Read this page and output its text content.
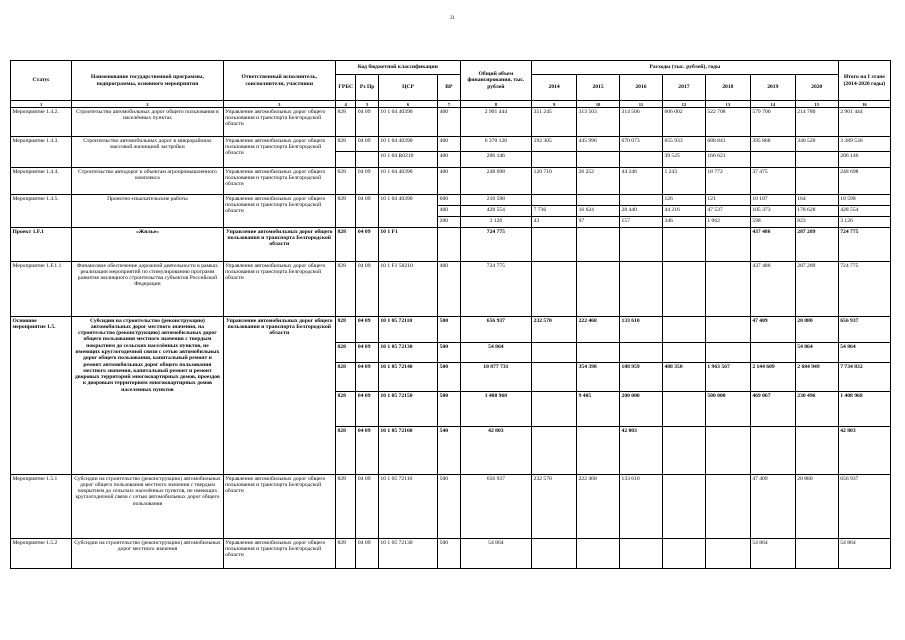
31
Статус	Наименование государственной программы, подпрограммы, основного мероприятия	Ответственный исполнитель, соисполнители, участники	Код бюджетной классификации				Общий объем финансирования, тыс. рублей	Расходы (тыс. рублей), годы							Итого на I этапе (2014-2020 годы)
			ГРБС	Рз Пр	ЦСР	ВР		2014	2015	2016	2017	2018	2019	2020	
1	2	3	4	5	6	7	8	9	10	11	12	13	14	15	16
Мероприятие 1.4.2.	Строительство автомобильных дорог общего пользования в населённых пунктах	Управление автомобильных дорог общего пользования и транспорта Белгородской области	828	04 09	10 1 04 40390	400	2 901 444	351 245	313 503	314 506	606 002	522 708	579 700	214 780	2 901 444
Мероприятие 1.4.3.	Строительство автомобильных дорог в микрорайонах массовой жилищной застройки	Управление автомобильных дорог общего пользования и транспорта Белгородской области	828	04 09	10 1 04 40390	400	6 370 120	192 305	445 996	670 073	655 933	688 841	395 868	340 520	3 389 536
					10 1 04 R0210	400	206 146				39 525	166 621			206 146
Мероприятие 1.4.4.	Строительство автодорог к объектам агропромышленного комплекса	Управление автомобильных дорог общего пользования и транспорта Белгородской области	828	04 09	10 1 04 40390	400	248 698	120 710	26 252	44 246	1 243	18 772	37 475		248 698
Мероприятие 1.4.5.	Проектно-изыскательские работы	Управление автомобильных дорог общего пользования и транспорта Белгородской области	828	04 09	10 1 04 40390	600	210 598				126	121	10 187	164	10 598
						400	428 554	7 736	16 624	28 440	44 216	47 537	105 373	178 628	428 554
						200	3 126	43	97	157	346	1 062	598	823	3 126
Проект 1.F.1	«Жилье»	Управление автомобильных дорог общего пользования и транспорта Белгородской области	828	04 09	10 1 F1		724 775						437 486	287 289	724 775
Мероприятие 1.F.1.1	Финансовое обеспечение дорожной деятельности в рамках реализации мероприятий по стимулированию программ развития жилищного строительства субъектов Российской Федерации	Управление автомобильных дорог общего пользования и транспорта Белгородской области	828	04 09	10 1 F1 50210	400	724 775						437 486	287 289	724 775
Основное мероприятие 1.5.	Субсидии на строительство (реконструкцию) автомобильных дорог местного значения, на строительство (реконструкцию) автомобильных дорог общего пользования местного значения с твердым покрытием до сельских населённых пунктов, не имеющих круглогодичной связи с сетью автомобильных дорог общего пользования, капитальный ремонт и ремонт автомобильных дорог общего пользования местного значения, капитальный ремонт и ремонт дворовых территорий многоквартирных домов, проездов к дворовым территориям многоквартирных домов населенных пунктов	Управление автомобильных дорог общего пользования и транспорта Белгородской области	828	04 09	10 1 05 72110	500	656 937	232 570	222 468	133 610			47 409	20 880	656 937
			828	04 09	10 1 05 72130	500	54 864							54 864	54 864
			828	04 09	10 1 05 72140	500	10 877 731		354 398	108 959	488 350	1 963 567	2 144 609	2 684 949	7 734 832
			828	04 09	10 1 05 72150	500	1 408 968		9 405	200 000		500 000	469 067	230 496	1 408 968
			828	04 09	10 1 05 72160	540	42 803			42 803					42 803
Мероприятие 1.5.1	Субсидии на строительство (реконструкцию) автомобильных дорог общего пользования местного значения с твердым покрытием до сельских населённых пунктов, не имеющих круглогодичной связи с сетью автомобильных дорог общего пользования	Управление автомобильных дорог общего пользования и транспорта Белгородской области	828	04 09	10 1 05 72110	500	656 937	232 570	222 468	133 610			47 409	20 880	656 937
Мероприятие 1.5.2	Субсидии на строительство (реконструкцию) автомобильных дорог местного значения	Управление автомобильных дорог общего пользования и транспорта Белгородской области	828	04 09	10 1 05 72130	500	54 864						54 864		54 864
